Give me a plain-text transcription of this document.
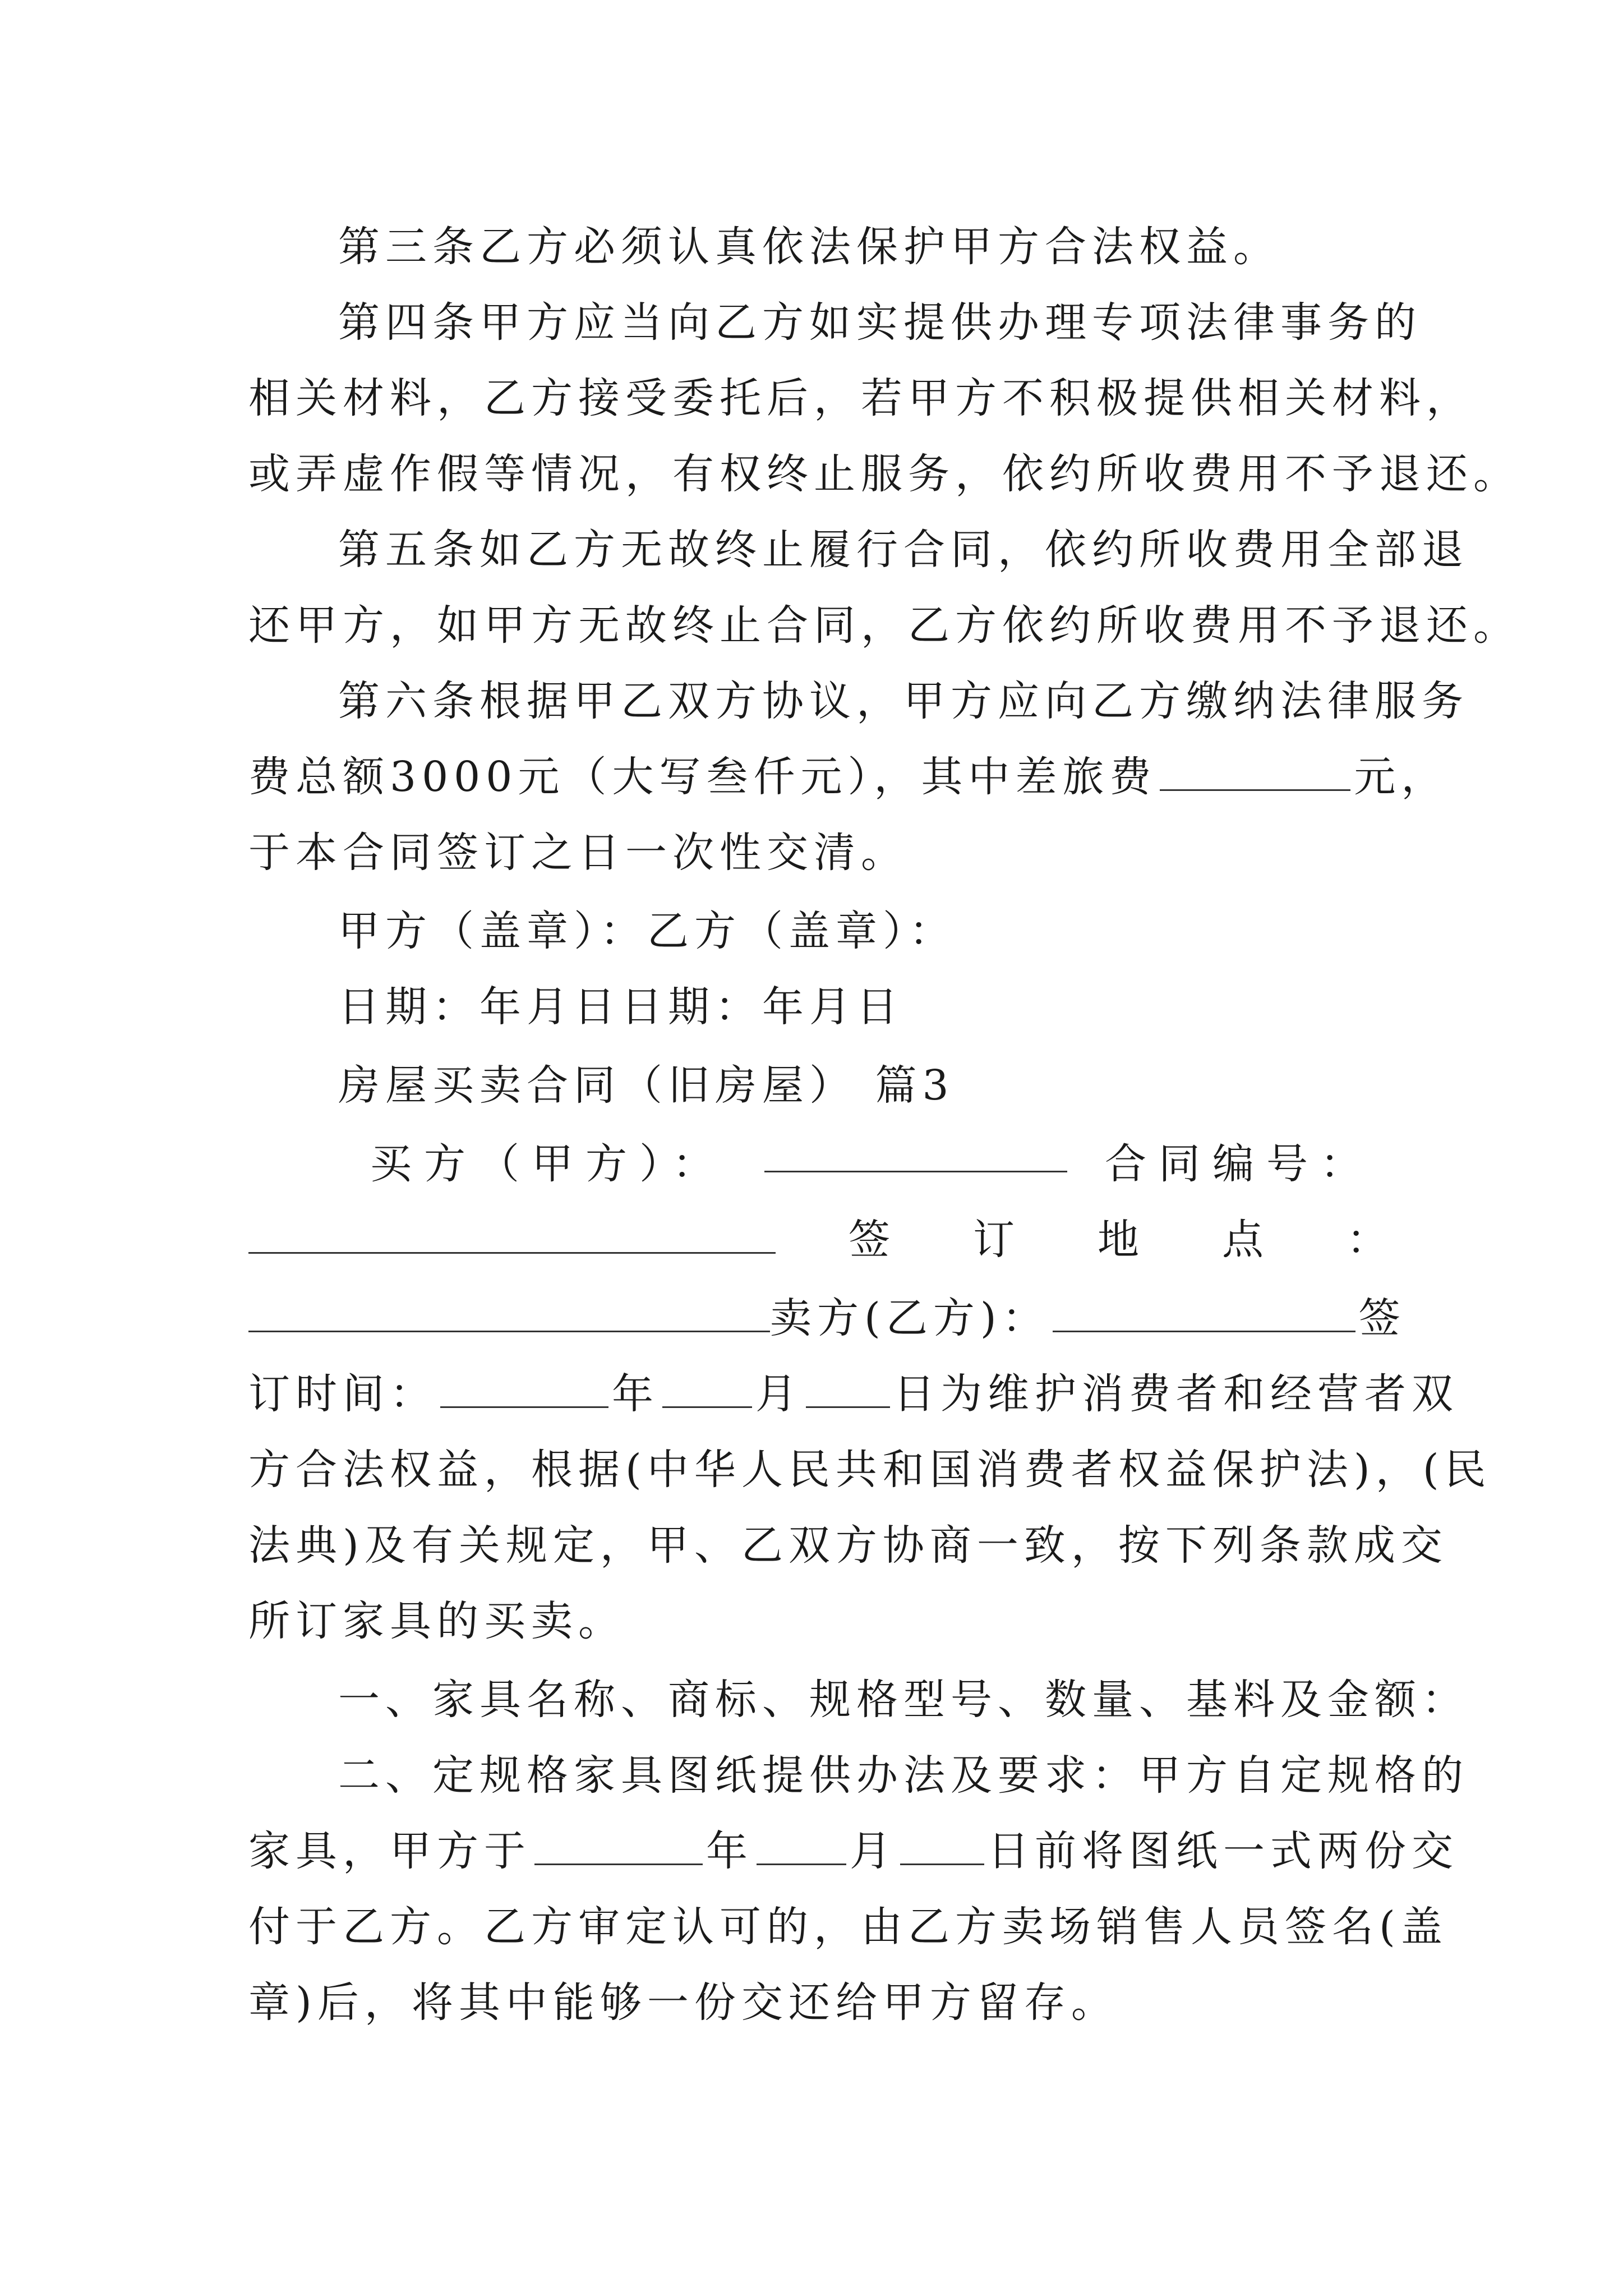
第三条乙方必须认真依法保护甲方合法权益。
第四条甲方应当向乙方如实提供办理专项法律事务的
相关材料，乙方接受委托后，若甲方不积极提供相关材料，
或弄虚作假等情况，有权终止服务，依约所收费用不予退还。
第五条如乙方无故终止履行合同，依约所收费用全部退
还甲方，如甲方无故终止合同，乙方依约所收费用不予退还。
第六条根据甲乙双方协议，甲方应向乙方缴纳法律服务
费总额3000元（大写叁仟元），其中差旅费	元，
于本合同签订之日一次性交清。
甲方（盖章）：乙方（盖章）：
日期：年月日日期：年月日
房屋买卖合同（旧房屋） 篇3
买方（甲方）：	合同编号：
签订地点：
卖方(乙方)：	签
订时间：	年 月 日为维护消费者和经营者双
方合法权益，根据(中华人民共和国消费者权益保护法)，(民
法典)及有关规定，甲、乙双方协商一致，按下列条款成交
所订家具的买卖。
一、家具名称、商标、规格型号、数量、基料及金额：
二、定规格家具图纸提供办法及要求：甲方自定规格的
家具，甲方于	年 月 日前将图纸一式两份交
付于乙方。乙方审定认可的，由乙方卖场销售人员签名(盖
章)后，将其中能够一份交还给甲方留存。
